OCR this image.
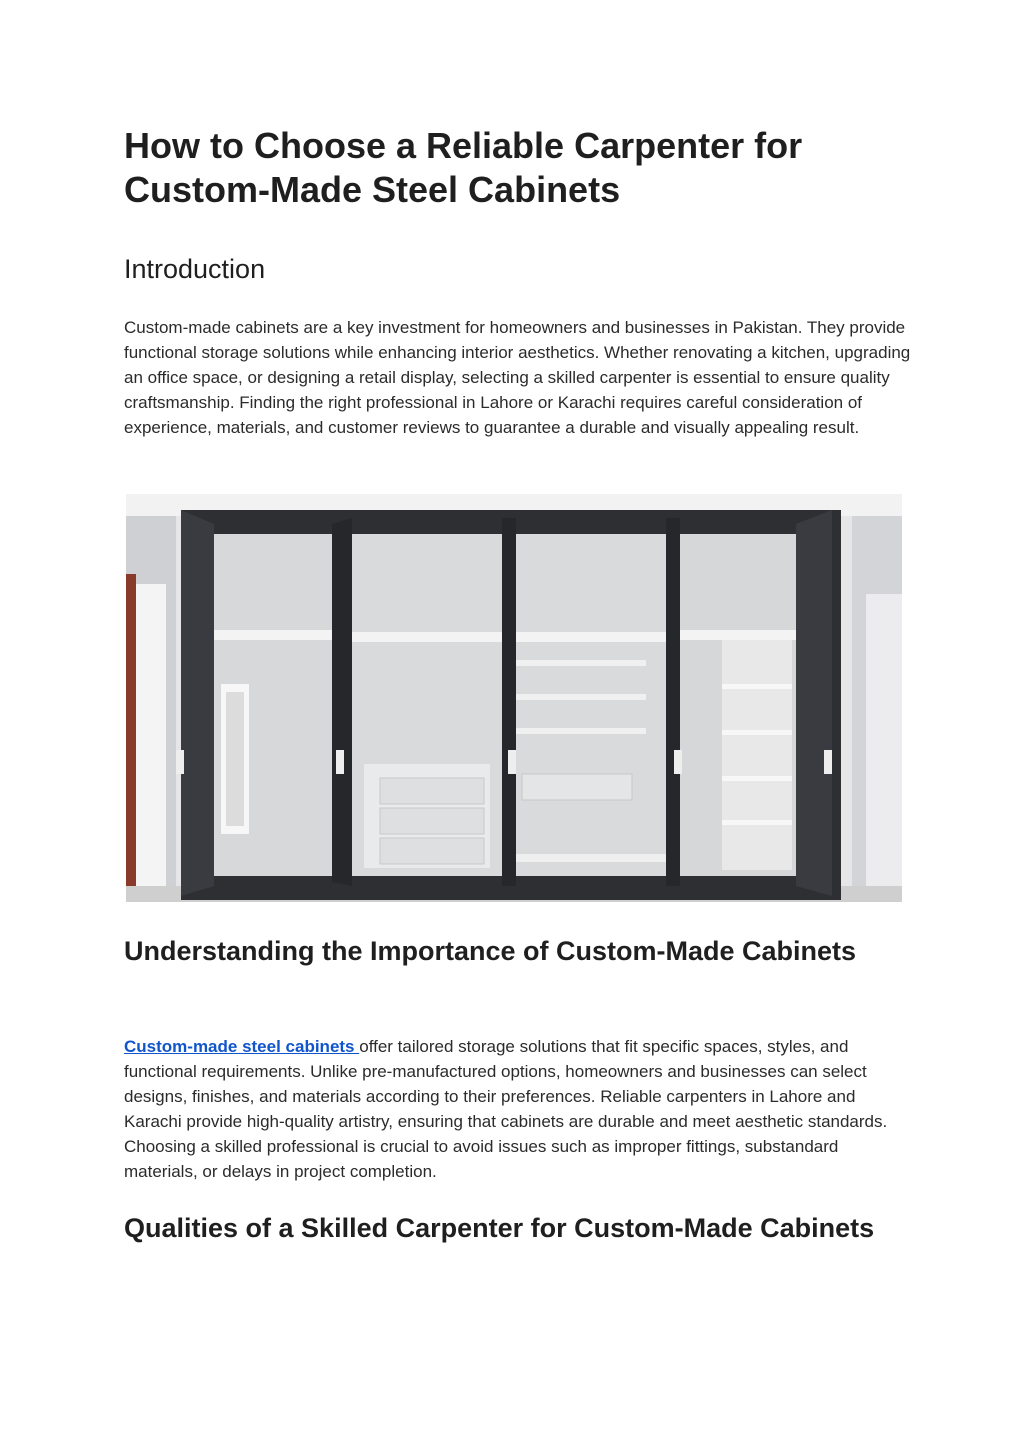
How to Choose a Reliable Carpenter for Custom-Made Steel Cabinets
Introduction

Custom-made cabinets are a key investment for homeowners and businesses in Pakistan. They provide functional storage solutions while enhancing interior aesthetics. Whether renovating a kitchen, upgrading an office space, or designing a retail display, selecting a skilled carpenter is essential to ensure quality craftsmanship. Finding the right professional in Lahore or Karachi requires careful consideration of experience, materials, and customer reviews to guarantee a durable and visually appealing result.

Understanding the Importance of Custom-Made Cabinets

Custom-made steel cabinets offer tailored storage solutions that fit specific spaces, styles, and functional requirements. Unlike pre-manufactured options, homeowners and businesses can select designs, finishes, and materials according to their preferences. Reliable carpenters in Lahore and Karachi provide high-quality artistry, ensuring that cabinets are durable and meet aesthetic standards. Choosing a skilled professional is crucial to avoid issues such as improper fittings, substandard materials, or delays in project completion.

Qualities of a Skilled Carpenter for Custom-Made Cabinets
